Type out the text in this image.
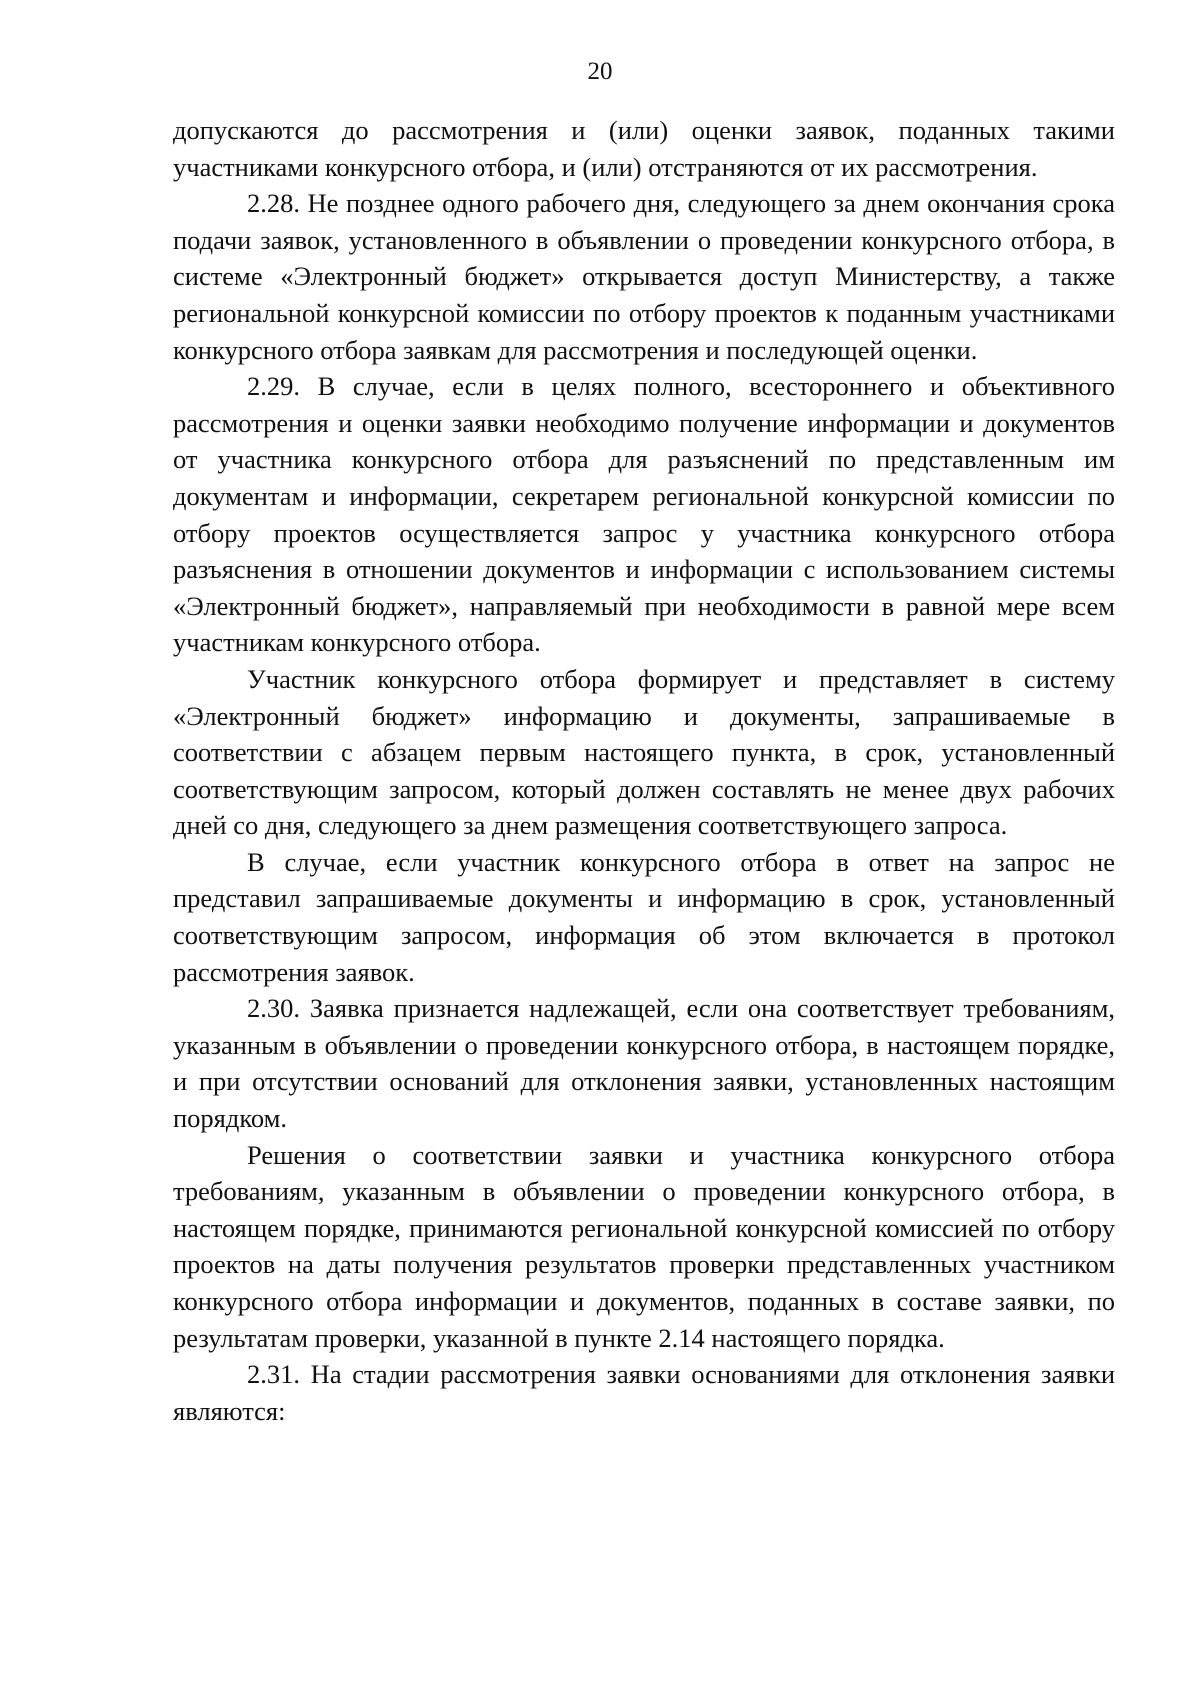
20

допускаются до рассмотрения и (или) оценки заявок, поданных такими участниками конкурсного отбора, и (или) отстраняются от их рассмотрения.

2.28. Не позднее одного рабочего дня, следующего за днем окончания срока подачи заявок, установленного в объявлении о проведении конкурсного отбора, в системе «Электронный бюджет» открывается доступ Министерству, а также региональной конкурсной комиссии по отбору проектов к поданным участниками конкурсного отбора заявкам для рассмотрения и последующей оценки.

2.29. В случае, если в целях полного, всестороннего и объективного рассмотрения и оценки заявки необходимо получение информации и документов от участника конкурсного отбора для разъяснений по представленным им документам и информации, секретарем региональной конкурсной комиссии по отбору проектов осуществляется запрос у участника конкурсного отбора разъяснения в отношении документов и информации с использованием системы «Электронный бюджет», направляемый при необходимости в равной мере всем участникам конкурсного отбора.

Участник конкурсного отбора формирует и представляет в систему «Электронный бюджет» информацию и документы, запрашиваемые в соответствии с абзацем первым настоящего пункта, в срок, установленный соответствующим запросом, который должен составлять не менее двух рабочих дней со дня, следующего за днем размещения соответствующего запроса.

В случае, если участник конкурсного отбора в ответ на запрос не представил запрашиваемые документы и информацию в срок, установленный соответствующим запросом, информация об этом включается в протокол рассмотрения заявок.

2.30. Заявка признается надлежащей, если она соответствует требованиям, указанным в объявлении о проведении конкурсного отбора, в настоящем порядке, и при отсутствии оснований для отклонения заявки, установленных настоящим порядком.

Решения о соответствии заявки и участника конкурсного отбора требованиям, указанным в объявлении о проведении конкурсного отбора, в настоящем порядке, принимаются региональной конкурсной комиссией по отбору проектов на даты получения результатов проверки представленных участником конкурсного отбора информации и документов, поданных в составе заявки, по результатам проверки, указанной в пункте 2.14 настоящего порядка.

2.31. На стадии рассмотрения заявки основаниями для отклонения заявки являются:
